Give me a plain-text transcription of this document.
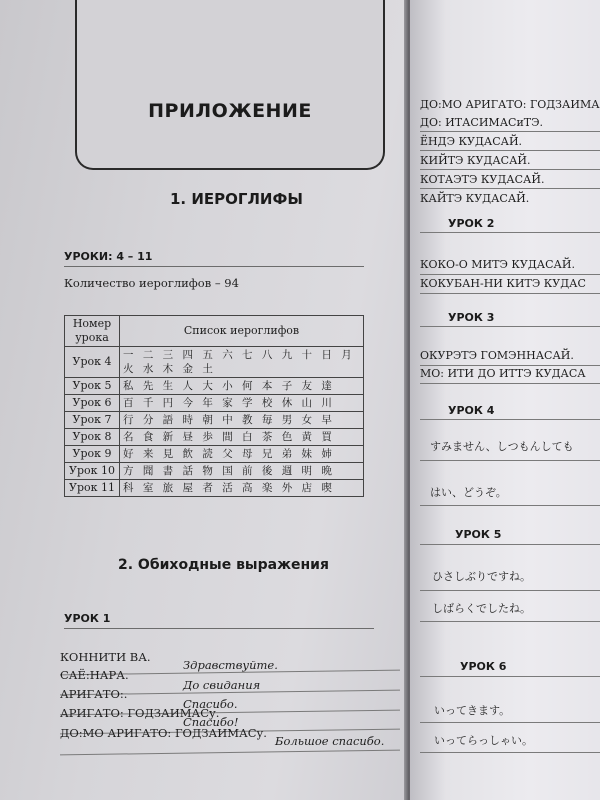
ПРИЛОЖЕНИЕ
1. ИЕРОГЛИФЫ
УРОКИ: 4 – 11
Количество иероглифов – 94
Номер урока	Список иероглифов
Урок 4	一 二 三 四 五 六 七 八 九 十 日 月 火 水 木 金 土
Урок 5	私 先 生 人 大 小 何 本 子 友 達
Урок 6	百 千 円 今 年 家 学 校 休 山 川
Урок 7	行 分 語 時 朝 中 教 毎 男 女 早
Урок 8	名 食 新 昼 歩 間 白 茶 色 黄 買
Урок 9	好 来 見 飲 読 父 母 兄 弟 妹 姉
Урок 10	方 聞 書 話 物 国 前 後 週 明 晩
Урок 11	科 室 旅 屋 者 活 高 楽 外 店 喫
2. Обиходные выражения
УРОК 1
КОННИТИ ВА.
Здравствуйте.
САЁ:НАРА.
До свидания
АРИГАТО:.
Спасибо.
АРИГАТО: ГОДЗАИМАСу.
Спасибо!
ДО:МО АРИГАТО: ГОДЗАИМАСу.
Большое спасибо.
ДО:МО АРИГАТО: ГОДЗАИМА
ДО: ИТАСИМАСиТЭ.
ЁНДЭ КУДАСАЙ.
КИЙТЭ КУДАСАЙ.
КОТАЭТЭ КУДАСАЙ.
КАЙТЭ КУДАСАЙ.
УРОК 2
КОКО-О МИТЭ КУДАСАЙ.
КОКУБАН-НИ КИТЭ КУДАС
УРОК 3
ОКУРЭТЭ ГОМЭННАСАЙ.
МО: ИТИ ДО ИТТЭ КУДАСА
УРОК 4
すみません、しつもんしても
はい、どうぞ。
УРОК 5
ひさしぶりですね。
しばらくでしたね。
УРОК 6
いってきます。
いってらっしゃい。
